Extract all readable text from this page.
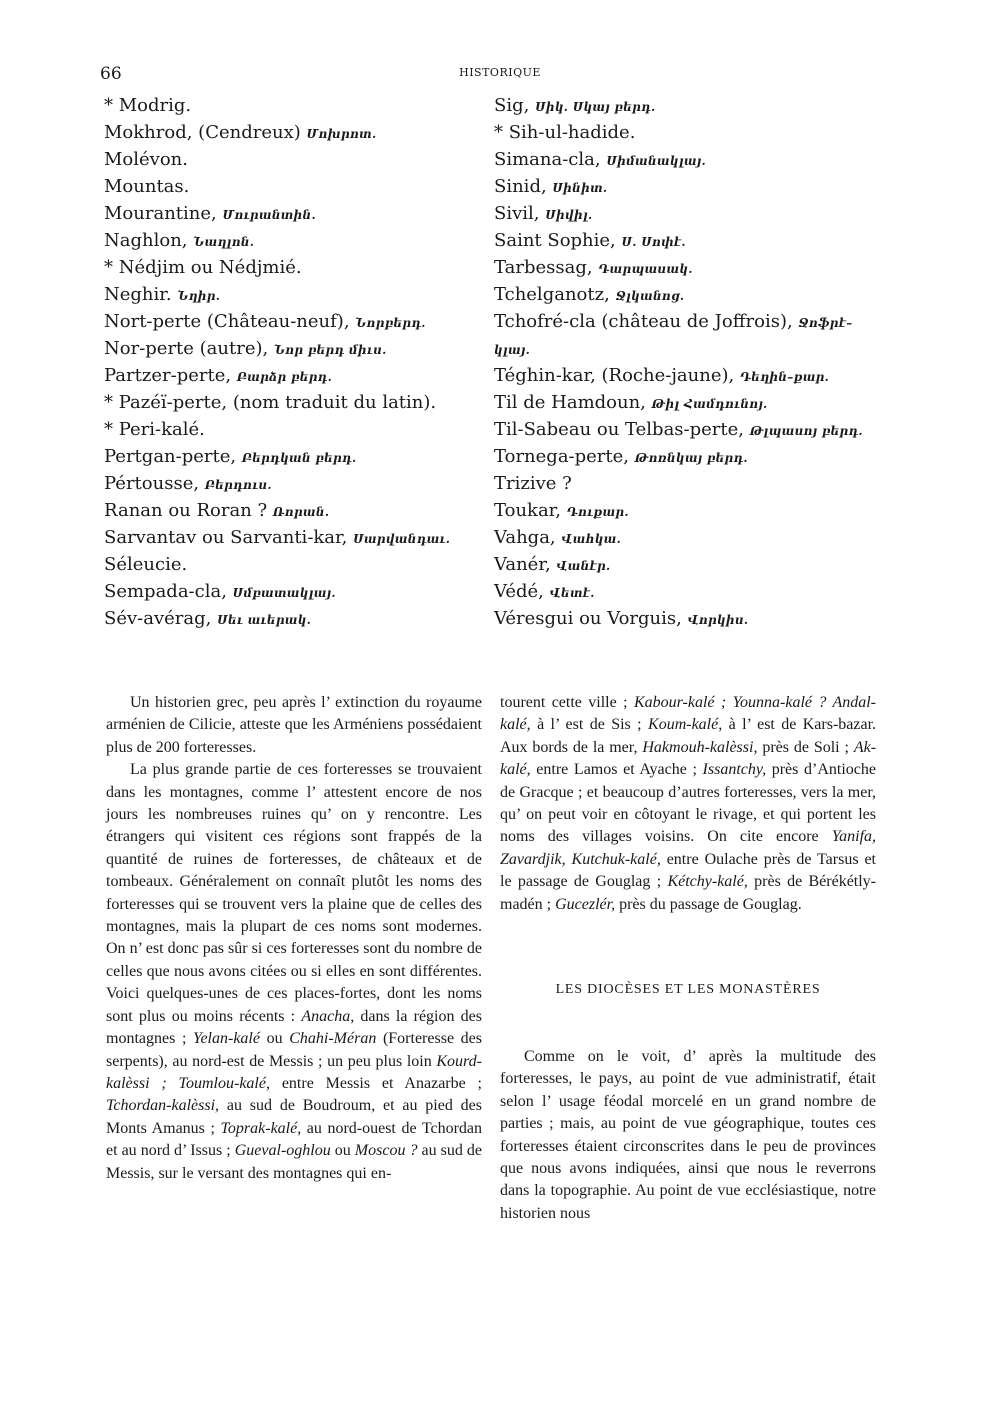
66	HISTORIQUE
* Modrig.
Mokhrod, (Cendreux) Մոխրոտ.
Molévon.
Mountas.
Mourantine, Մուրանտին.
Naghlon, Նաղլոն.
* Nédjim ou Nédjmié.
Neghir. Նղիր.
Nort-perte (Château-neuf), Նորբերդ.
Nor-perte (autre), Նոր բերդ միւս.
Partzer-perte, Բարձր բերդ.
* Pazéï-perte, (nom traduit du latin).
* Peri-kalé.
Pertgan-perte, Բերդկան բերդ.
Pértousse, Բերդուս.
Ranan ou Roran ? Ռորան.
Sarvantav ou Sarvanti-kar, Սարվանդաւ.
Séleucie.
Sempada-cla, Սմբատակլայ.
Sév-avérag, Սեւ աւերակ.
Sig, Սիկ. Սկայ բերդ.
* Sih-ul-hadide.
Simana-cla, Սիմանակլայ.
Sinid, Սինիտ.
Sivil, Սիվիլ.
Saint Sophie, Ս. Սոփէ.
Tarbessag, Դարպասակ.
Tchelganotz, Ջլկանոց.
Tchofré-cla (château de Joffrois), Ջոֆրէ–
կլայ.
Téghin-kar, (Roche-jaune), Դեղին–քար.
Til de Hamdoun, Թիլ Համդունոյ.
Til-Sabeau ou Telbas-perte, Թլպասոյ բերդ.
Tornega-perte, Թոռնկայ բերդ.
Trizive ?
Toukar, Դուքար.
Vahga, Վահկա.
Vanér, Վանէր.
Védé, Վետէ.
Véresgui ou Vorguis, Վորկիս.

Un historien grec, peu après l’ extinction du royaume arménien de Cilicie, atteste que les Arméniens possédaient plus de 200 forteresses.

La plus grande partie de ces forteresses se trouvaient dans les montagnes, comme l’ attestent encore de nos jours les nombreuses ruines qu’ on y rencontre. Les étrangers qui visitent ces régions sont frappés de la quantité de ruines de forteresses, de châteaux et de tombeaux. Généralement on connaît plutôt les noms des forteresses qui se trouvent vers la plaine que de celles des montagnes, mais la plupart de ces noms sont modernes. On n’ est donc pas sûr si ces forteresses sont du nombre de celles que nous avons citées ou si elles en sont différentes. Voici quelques-unes de ces places-fortes, dont les noms sont plus ou moins récents : Anacha, dans la région des montagnes ; Yelan-kalé ou Chahi-Méran (Forteresse des serpents), au nord-est de Messis ; un peu plus loin Kourd-kalèssi ; Toumlou-kalé, entre Messis et Anazarbe ; Tchordan-kalèssi, au sud de Boudroum, et au pied des Monts Amanus ; Toprak-kalé, au nord-ouest de Tchordan et au nord d’ Issus ; Gueval-oghlou ou Moscou ? au sud de Messis, sur le versant des montagnes qui en-

tourent cette ville ; Kabour-kalé ; Younna-kalé ? Andal-kalé, à l’ est de Sis ; Koum-kalé, à l’ est de Kars-bazar. Aux bords de la mer, Hakmouh-kalèssi, près de Soli ; Ak-kalé, entre Lamos et Ayache ; Issantchy, près d’Antioche de Gracque ; et beaucoup d’autres forteresses, vers la mer, qu’ on peut voir en côtoyant le rivage, et qui portent les noms des villages voisins. On cite encore Yanifa, Zavardjik, Kutchuk-kalé, entre Oulache près de Tarsus et le passage de Gouglag ; Kétchy-kalé, près de Bérékétly-madén ; Gucezlér, près du passage de Gouglag.

LES DIOCÈSES ET LES MONASTÈRES

Comme on le voit, d’ après la multitude des forteresses, le pays, au point de vue administratif, était selon l’ usage féodal morcelé en un grand nombre de parties ; mais, au point de vue géographique, toutes ces forteresses étaient circonscrites dans le peu de provinces que nous avons indiquées, ainsi que nous le reverrons dans la topographie. Au point de vue ecclésiastique, notre historien nous
